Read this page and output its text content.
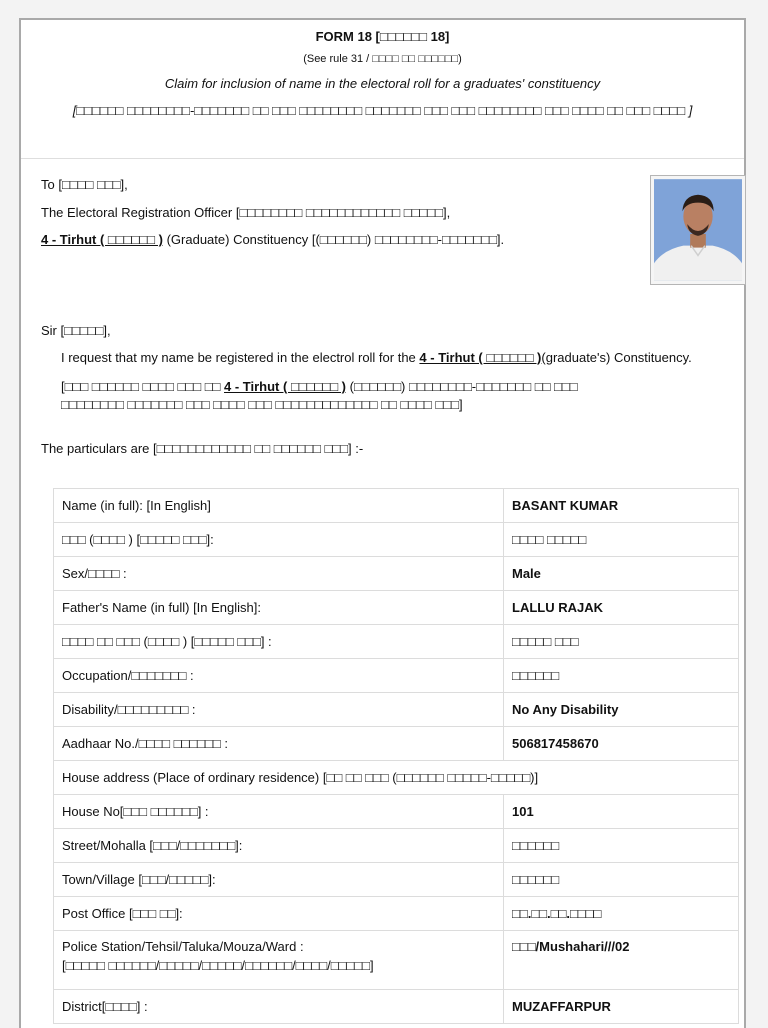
FORM 18 [□□□□□□ 18]
(See rule 31 / □□□□ □□ □□□□□□)
Claim for inclusion of name in the electoral roll for a graduates' constituency
[□□□□□□ □□□□□□□□-□□□□□□□ □□ □□□ □□□□□□□□ □□□□□□□ □□□ □□□ □□□□□□□□ □□□ □□□□ □□ □□□ □□□□ ]
To [□□□□ □□□],
The Electoral Registration Officer [□□□□□□□□ □□□□□□□□□□□□ □□□□□],
4 - Tirhut ( □□□□□□ ) (Graduate) Constituency [(□□□□□□) □□□□□□□□-□□□□□□□].
Sir [□□□□□],
I request that my name be registered in the electrol roll for the 4 - Tirhut ( □□□□□□ )(graduate's) Constituency.
[□□□ □□□□□□ □□□□ □□□ □□ 4 - Tirhut ( □□□□□□ ) (□□□□□□) □□□□□□□□-□□□□□□□ □□ □□□
□□□□□□□□ □□□□□□□ □□□ □□□□ □□□ □□□□□□□□□□□□□ □□ □□□□ □□□]
The particulars are [□□□□□□□□□□□□ □□ □□□□□□ □□□] :-
Name (in full): [In English]	BASANT KUMAR
□□□ (□□□□ ) [□□□□□ □□□]:	□□□□ □□□□□
Sex/□□□□ :	Male
Father's Name (in full) [In English]:	LALLU RAJAK
□□□□ □□ □□□ (□□□□ ) [□□□□□ □□□] :	□□□□□ □□□
Occupation/□□□□□□□ :	□□□□□□
Disability/□□□□□□□□□ :	No Any Disability
Aadhaar No./□□□□ □□□□□□ :	506817458670
House address (Place of ordinary residence) [□□ □□ □□□ (□□□□□□ □□□□□-□□□□□)]	
House No[□□□ □□□□□□] :	101
Street/Mohalla [□□□/□□□□□□□]:	□□□□□□
Town/Village [□□□/□□□□□]:	□□□□□□
Post Office [□□□ □□]:	□□.□□.□□.□□□□
Police Station/Tehsil/Taluka/Mouza/Ward :
[□□□□□ □□□□□□/□□□□□/□□□□□/□□□□□□/□□□□/□□□□□]	□□□/Mushahari///02
District[□□□□] :	MUZAFFARPUR
